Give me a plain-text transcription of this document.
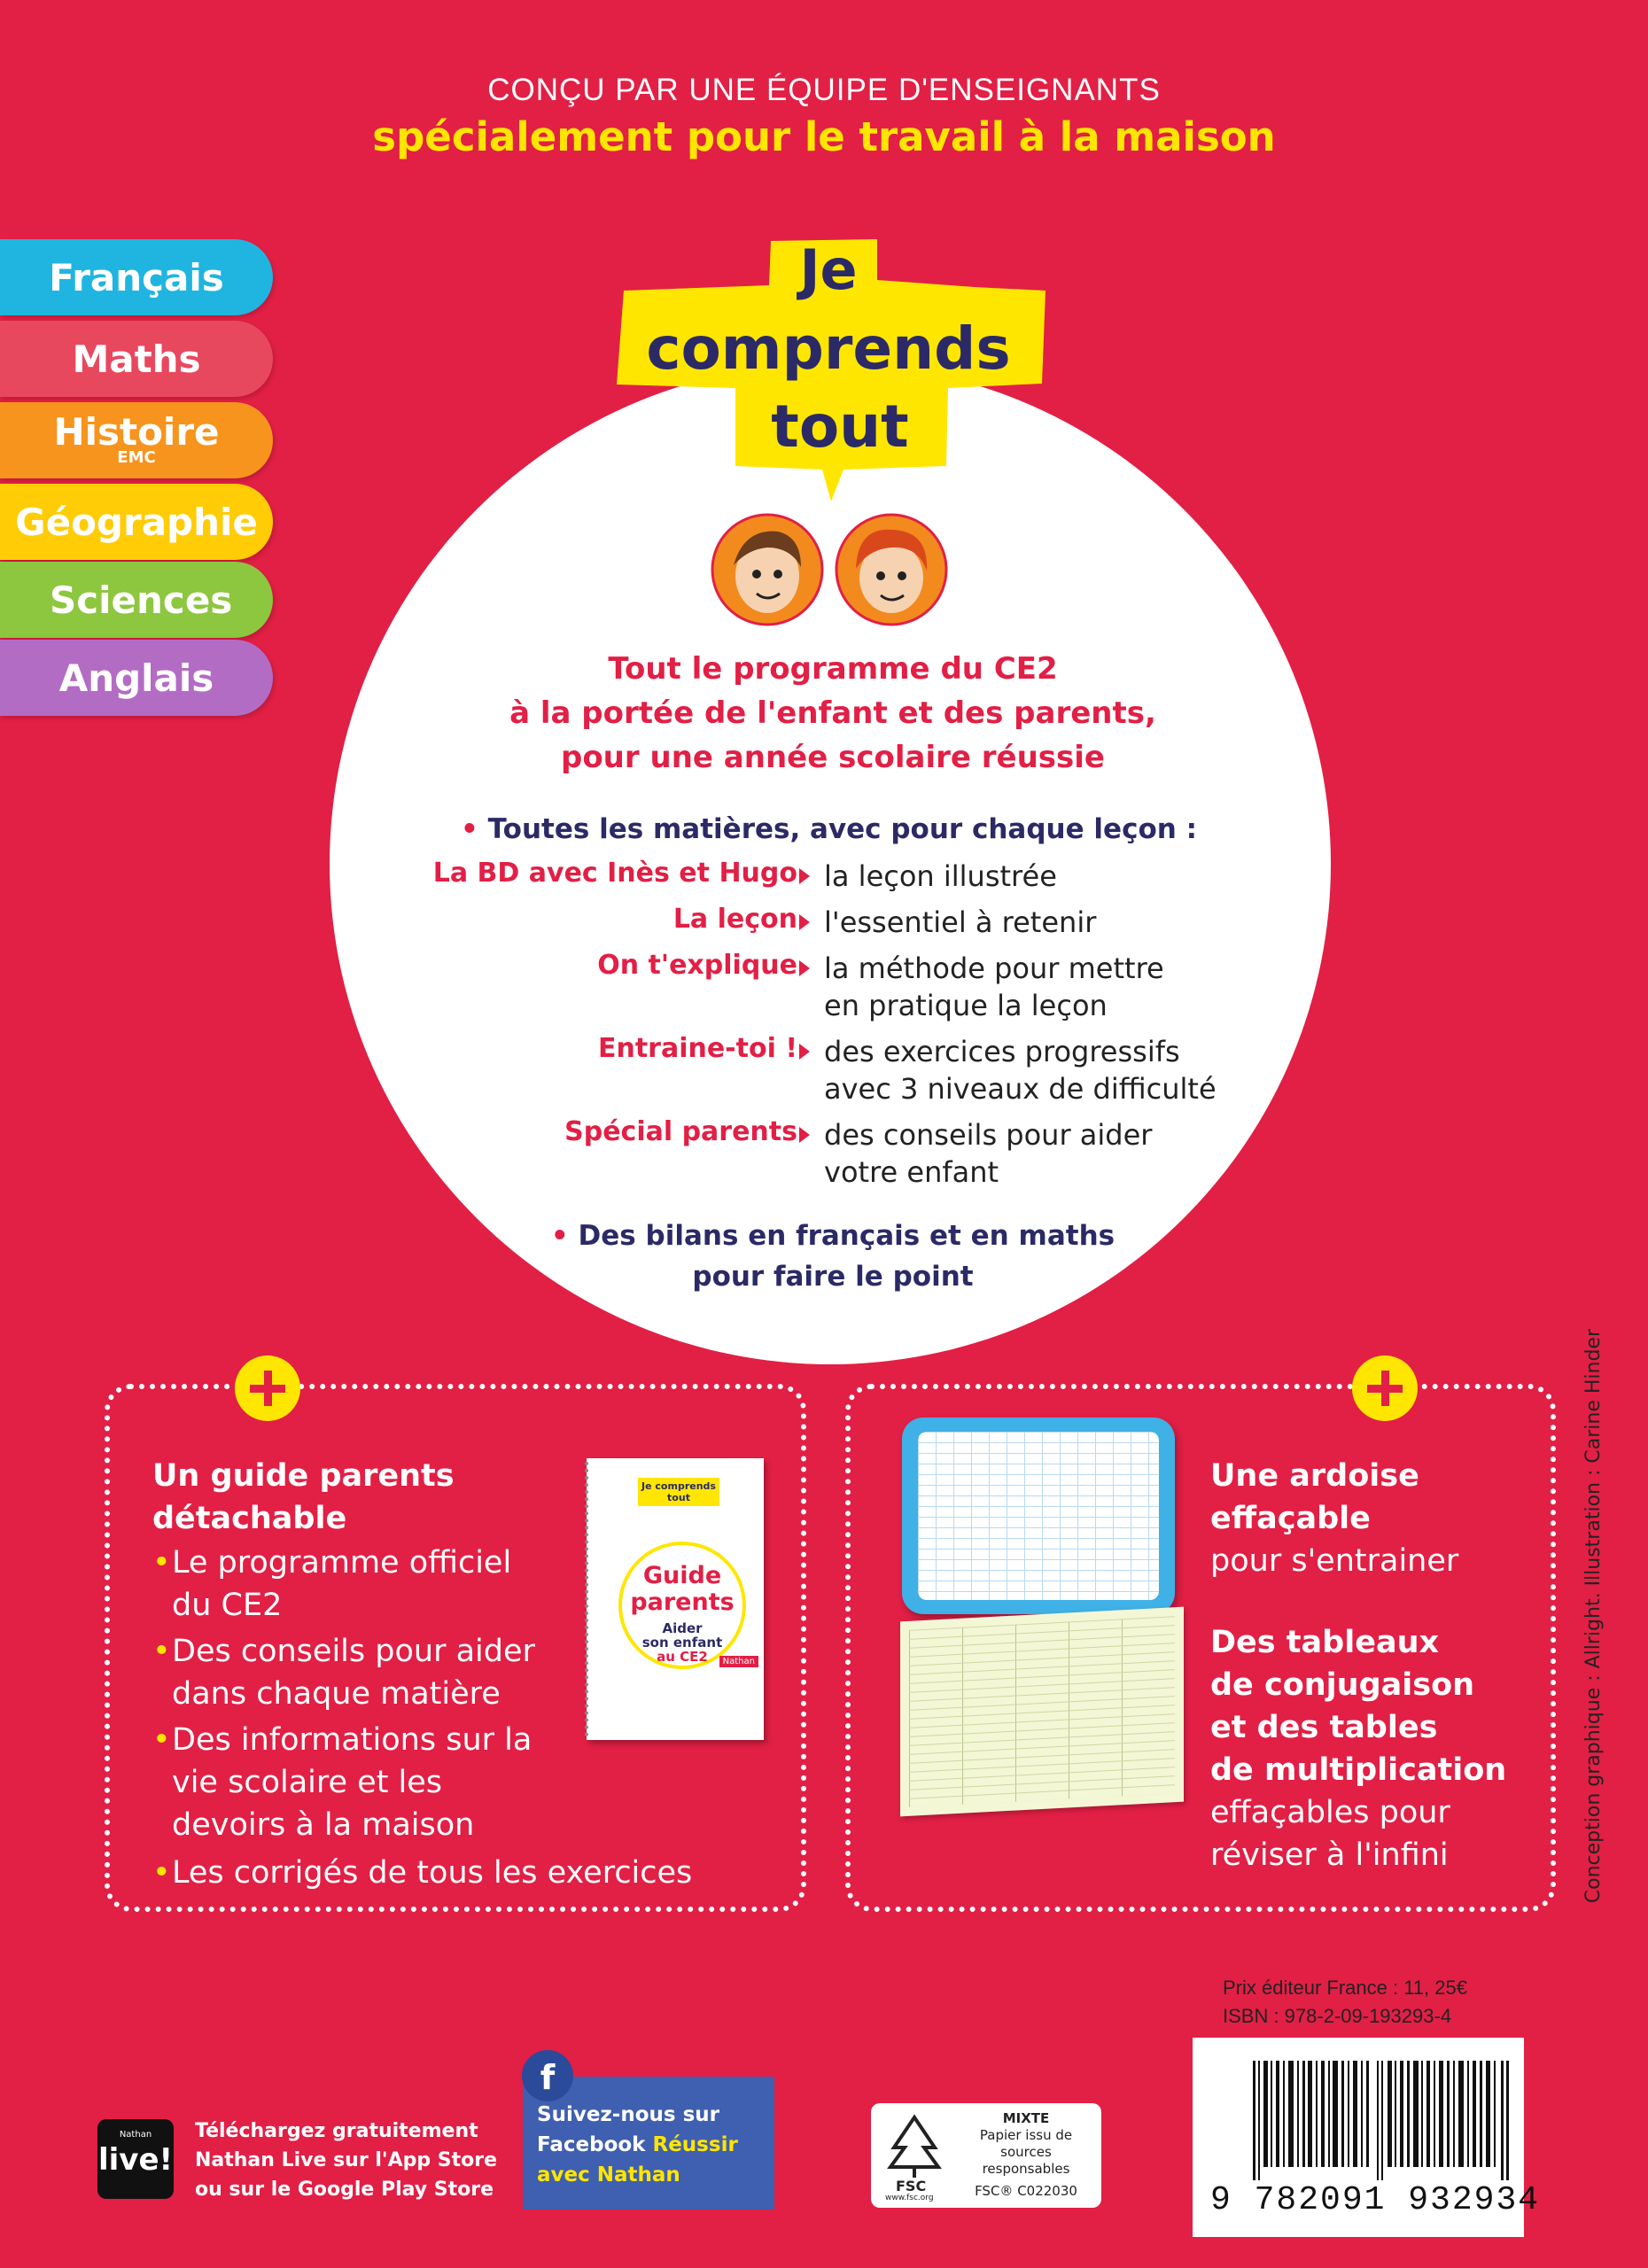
CONÇU PAR UNE ÉQUIPE D'ENSEIGNANTS
spécialement pour le travail à la maison
Français
Maths
Histoire
EMC
Géographie
Sciences
Anglais
Je
comprends
tout
Tout le programme du CE2
à la portée de l'enfant et des parents,
pour une année scolaire réussie
• Toutes les matières, avec pour chaque leçon :
La BD avec Inès et Hugo la leçon illustrée
La leçon l'essentiel à retenir
On t'explique la méthode pour mettre en pratique la leçon
Entraine-toi ! des exercices progressifs avec 3 niveaux de difficulté
Spécial parents des conseils pour aider votre enfant
• Des bilans en français et en maths
pour faire le point
Un guide parents détachable
• Le programme officiel du CE2
• Des conseils pour aider dans chaque matière
• Des informations sur la vie scolaire et les devoirs à la maison
• Les corrigés de tous les exercices
Je comprends tout
Guide
parents
Aider
son enfant
au CE2	Nathan
Une ardoise effaçable
pour s'entrainer
Des tableaux
de conjugaison
et des tables
de multiplication
effaçables pour
réviser à l'infini	Conception graphique : Allright. Illustration : Carine Hinder
Prix éditeur France : 11, 25€
ISBN : 978-2-09-193293-4
9 782091 932934
FSC
www.fsc.org
MIXTE
Papier issu de
sources responsables
FSC® C022030
Suivez-nous sur
Facebook Réussir
avec Nathan
f
Nathan
live!
Téléchargez gratuitement
Nathan Live sur l'App Store
ou sur le Google Play Store
